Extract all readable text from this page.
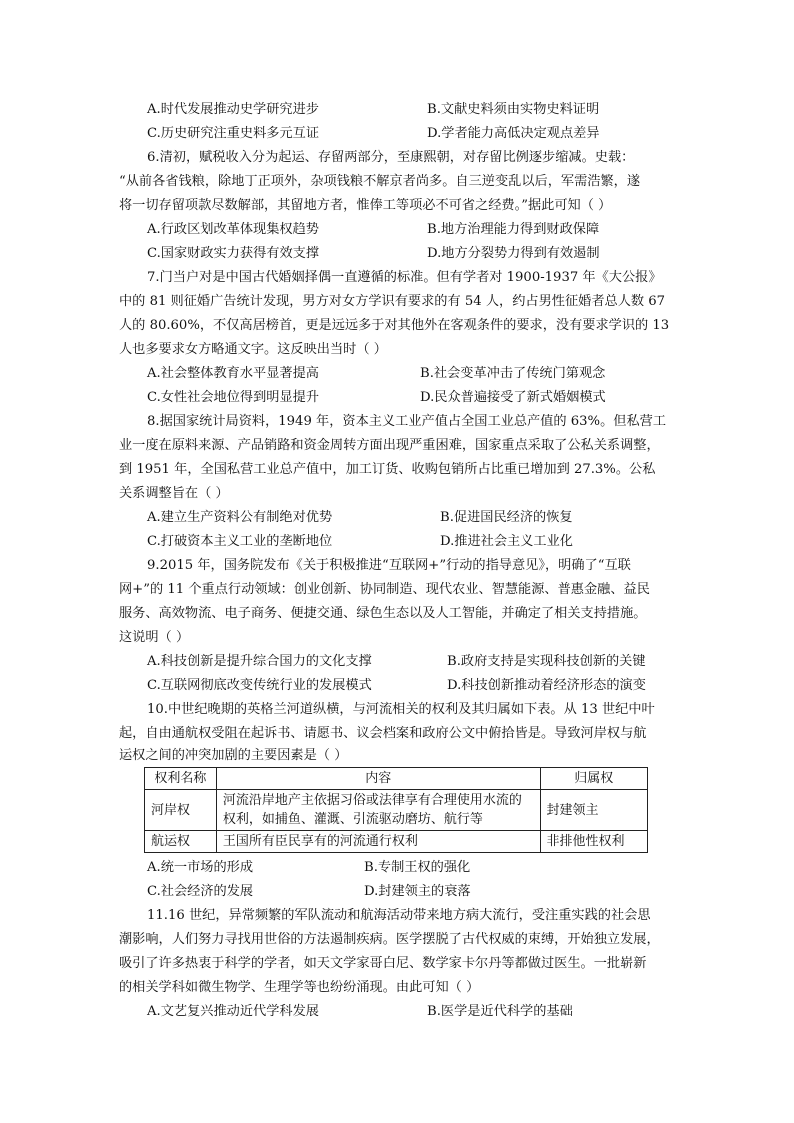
A.时代发展推动史学研究进步	B.文献史料须由实物史料证明
C.历史研究注重史料多元互证	D.学者能力高低决定观点差异
6.清初，赋税收入分为起运、存留两部分，至康熙朝，对存留比例逐步缩减。史载：
“从前各省钱粮，除地丁正项外，杂项钱粮不解京者尚多。自三逆变乱以后，军需浩繁，遂
将一切存留项款尽数解部，其留地方者，惟俸工等项必不可省之经费。”据此可知（ ）
A.行政区划改革体现集权趋势	B.地方治理能力得到财政保障
C.国家财政实力获得有效支撑	D.地方分裂势力得到有效遏制
7.门当户对是中国古代婚姻择偶一直遵循的标准。但有学者对 1900-1937 年《大公报》
中的 81 则征婚广告统计发现，男方对女方学识有要求的有 54 人，约占男性征婚者总人数 67
人的 80.60%，不仅高居榜首，更是远远多于对其他外在客观条件的要求，没有要求学识的 13
人也多要求女方略通文字。这反映出当时（ ）
A.社会整体教育水平显著提高	B.社会变革冲击了传统门第观念
C.女性社会地位得到明显提升	D.民众普遍接受了新式婚姻模式
8.据国家统计局资料，1949 年，资本主义工业产值占全国工业总产值的 63%。但私营工
业一度在原料来源、产品销路和资金周转方面出现严重困难，国家重点采取了公私关系调整，
到 1951 年，全国私营工业总产值中，加工订货、收购包销所占比重已增加到 27.3%。公私
关系调整旨在（ ）
A.建立生产资料公有制绝对优势	B.促进国民经济的恢复
C.打破资本主义工业的垄断地位	D.推进社会主义工业化
9.2015 年，国务院发布《关于积极推进“互联网+”行动的指导意见》，明确了“互联
网+”的 11 个重点行动领域：创业创新、协同制造、现代农业、智慧能源、普惠金融、益民
服务、高效物流、电子商务、便捷交通、绿色生态以及人工智能，并确定了相关支持措施。
这说明（ ）
A.科技创新是提升综合国力的文化支撑	B.政府支持是实现科技创新的关键
C.互联网彻底改变传统行业的发展模式	D.科技创新推动着经济形态的演变
10.中世纪晚期的英格兰河道纵横，与河流相关的权利及其归属如下表。从 13 世纪中叶
起，自由通航权受阻在起诉书、请愿书、议会档案和政府公文中俯拾皆是。导致河岸权与航
运权之间的冲突加剧的主要因素是（ ）
权利名称	内容	归属权
河岸权	河流沿岸地产主依据习俗或法律享有合理使用水流的
权利，如捕鱼、灌溉、引流驱动磨坊、航行等	封建领主
航运权	王国所有臣民享有的河流通行权利	非排他性权利
A.统一市场的形成	B.专制王权的强化
C.社会经济的发展	D.封建领主的衰落
11.16 世纪，异常频繁的军队流动和航海活动带来地方病大流行，受注重实践的社会思
潮影响，人们努力寻找用世俗的方法遏制疾病。医学摆脱了古代权威的束缚，开始独立发展，
吸引了许多热衷于科学的学者，如天文学家哥白尼、数学家卡尔丹等都做过医生。一批崭新
的相关学科如微生物学、生理学等也纷纷涌现。由此可知（ ）
A.文艺复兴推动近代学科发展	B.医学是近代科学的基础
